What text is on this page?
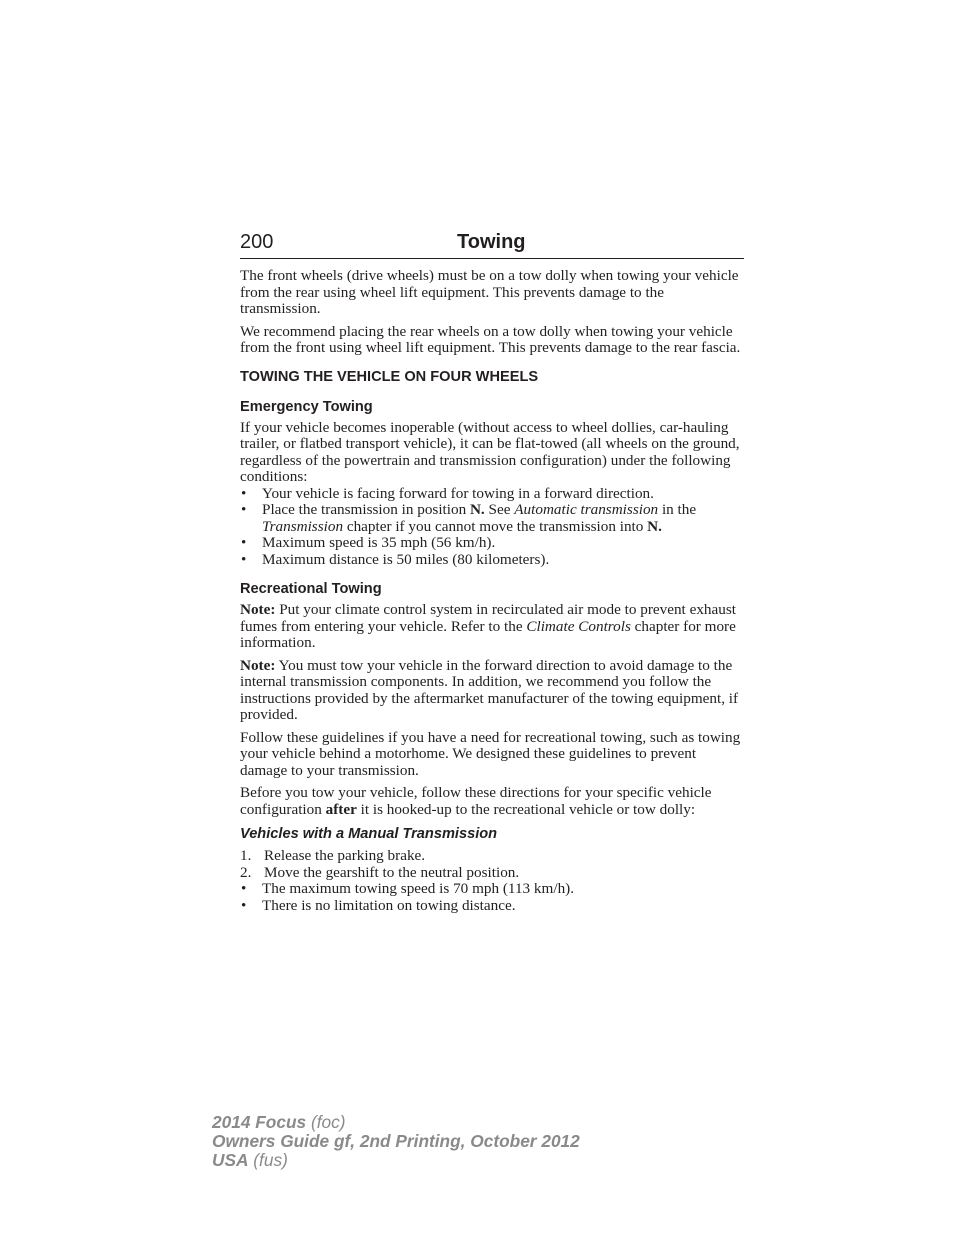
200	Towing

The front wheels (drive wheels) must be on a tow dolly when towing your vehicle from the rear using wheel lift equipment. This prevents damage to the transmission.

We recommend placing the rear wheels on a tow dolly when towing your vehicle from the front using wheel lift equipment. This prevents damage to the rear fascia.

TOWING THE VEHICLE ON FOUR WHEELS
Emergency Towing

If your vehicle becomes inoperable (without access to wheel dollies, car-hauling trailer, or flatbed transport vehicle), it can be flat-towed (all wheels on the ground, regardless of the powertrain and transmission configuration) under the following conditions:

• Your vehicle is facing forward for towing in a forward direction.
• Place the transmission in position N. See Automatic transmission in the Transmission chapter if you cannot move the transmission into N.
• Maximum speed is 35 mph (56 km/h).
• Maximum distance is 50 miles (80 kilometers).
Recreational Towing

Note: Put your climate control system in recirculated air mode to prevent exhaust fumes from entering your vehicle. Refer to the Climate Controls chapter for more information.

Note: You must tow your vehicle in the forward direction to avoid damage to the internal transmission components. In addition, we recommend you follow the instructions provided by the aftermarket manufacturer of the towing equipment, if provided.

Follow these guidelines if you have a need for recreational towing, such as towing your vehicle behind a motorhome. We designed these guidelines to prevent damage to your transmission.

Before you tow your vehicle, follow these directions for your specific vehicle configuration after it is hooked-up to the recreational vehicle or tow dolly:

Vehicles with a Manual Transmission
1. Release the parking brake.
2. Move the gearshift to the neutral position.
• The maximum towing speed is 70 mph (113 km/h).
• There is no limitation on towing distance.
2014 Focus (foc)
Owners Guide gf, 2nd Printing, October 2012
USA (fus)
